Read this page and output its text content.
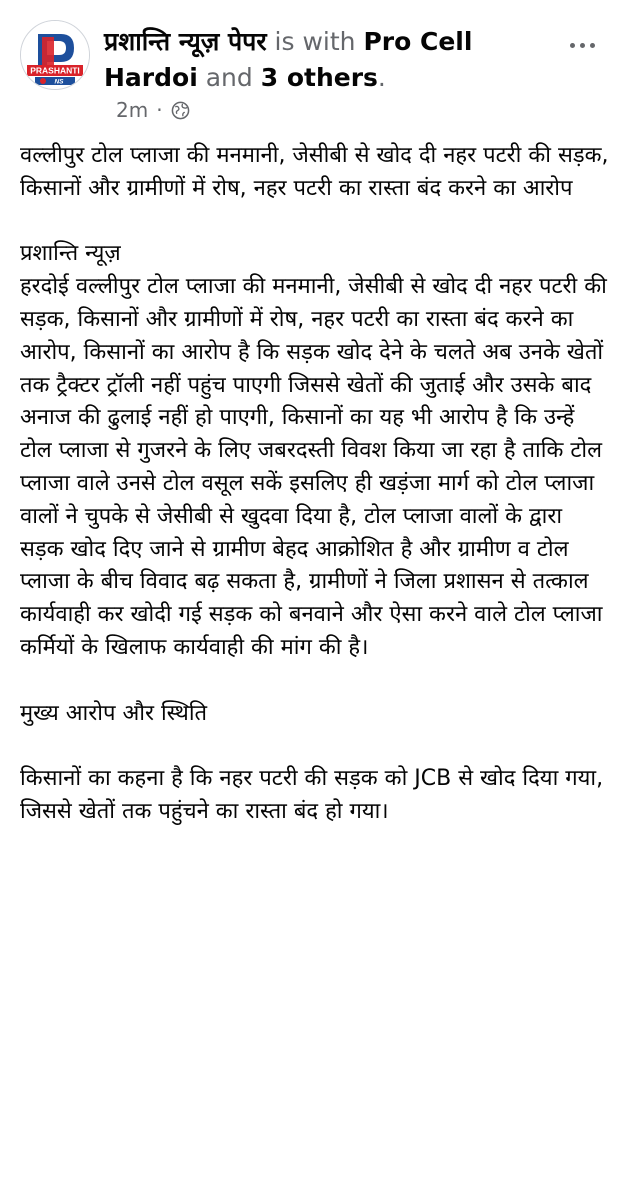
PRASHANTI
NS
प्रशान्ति न्यूज़ पेपर is with Pro Cell Hardoi and 3 others.
2m ·

वल्लीपुर टोल प्लाजा की मनमानी, जेसीबी से खोद दी नहर पटरी की सड़क, किसानों और ग्रामीणों में रोष, नहर पटरी का रास्ता बंद करने का आरोप

प्रशान्ति न्यूज़
हरदोई वल्लीपुर टोल प्लाजा की मनमानी, जेसीबी से खोद दी नहर पटरी की सड़क, किसानों और ग्रामीणों में रोष, नहर पटरी का रास्ता बंद करने का आरोप, किसानों का आरोप है कि सड़क खोद देने के चलते अब उनके खेतों तक ट्रैक्टर ट्रॉली नहीं पहुंच पाएगी जिससे खेतों की जुताई और उसके बाद अनाज की ढुलाई नहीं हो पाएगी, किसानों का यह भी आरोप है कि उन्हें टोल प्लाजा से गुजरने के लिए जबरदस्ती विवश किया जा रहा है ताकि टोल प्लाजा वाले उनसे टोल वसूल सकें इसलिए ही खड़ंजा मार्ग को टोल प्लाजा वालों ने चुपके से जेसीबी से खुदवा दिया है, टोल प्लाजा वालों के द्वारा सड़क खोद दिए जाने से ग्रामीण बेहद आक्रोशित है और ग्रामीण व टोल प्लाजा के बीच विवाद बढ़ सकता है, ग्रामीणों ने जिला प्रशासन से तत्काल कार्यवाही कर खोदी गई सड़क को बनवाने और ऐसा करने वाले टोल प्लाजा कर्मियों के खिलाफ कार्यवाही की मांग की है।

मुख्य आरोप और स्थिति

किसानों का कहना है कि नहर पटरी की सड़क को JCB से खोद दिया गया, जिससे खेतों तक पहुंचने का रास्ता बंद हो गया।
